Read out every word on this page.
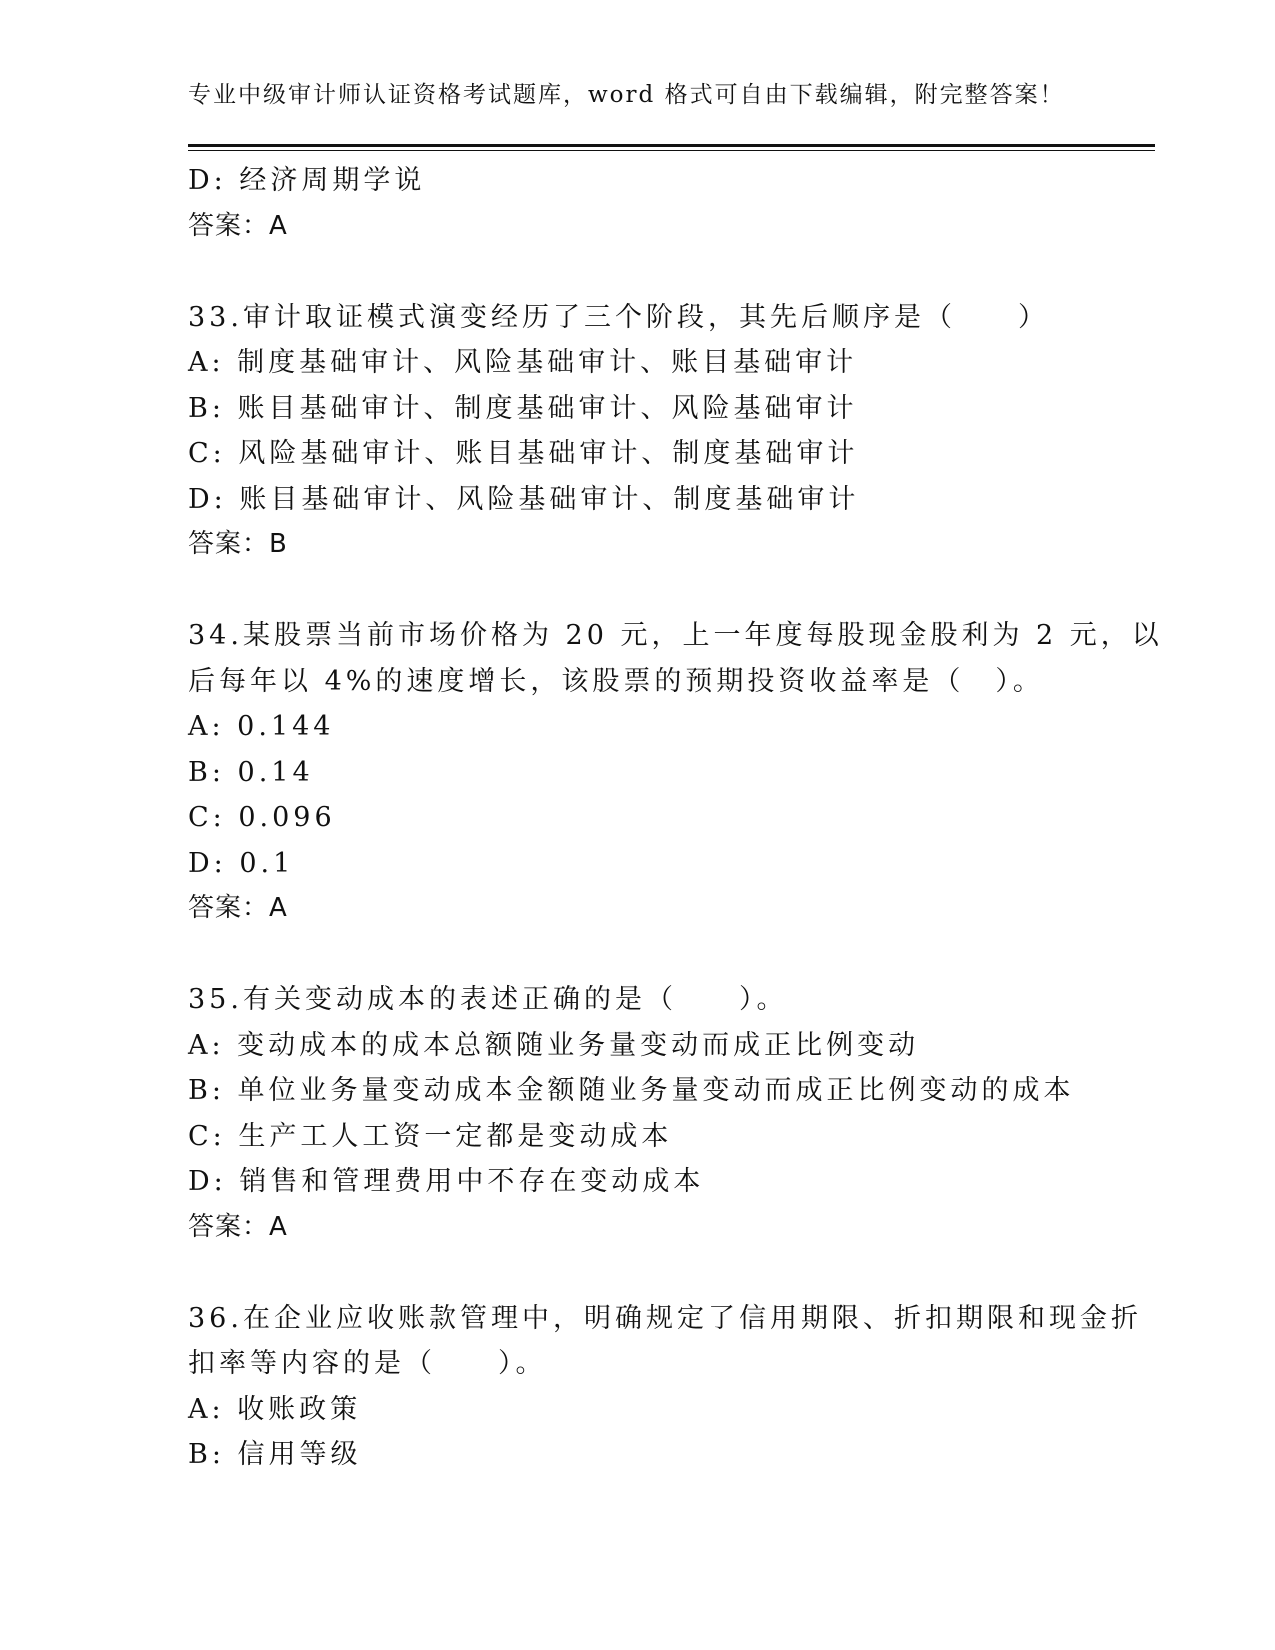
专业中级审计师认证资格考试题库，word 格式可自由下载编辑，附完整答案！
D: 经济周期学说
答案：A
33.审计取证模式演变经历了三个阶段，其先后顺序是（　　）
A: 制度基础审计、风险基础审计、账目基础审计
B: 账目基础审计、制度基础审计、风险基础审计
C: 风险基础审计、账目基础审计、制度基础审计
D: 账目基础审计、风险基础审计、制度基础审计
答案：B
34.某股票当前市场价格为 20 元，上一年度每股现金股利为 2 元，以
后每年以 4%的速度增长，该股票的预期投资收益率是（　）。
A: 0.144
B: 0.14
C: 0.096
D: 0.1
答案：A
35.有关变动成本的表述正确的是（　　）。
A: 变动成本的成本总额随业务量变动而成正比例变动
B: 单位业务量变动成本金额随业务量变动而成正比例变动的成本
C: 生产工人工资一定都是变动成本
D: 销售和管理费用中不存在变动成本
答案：A
36.在企业应收账款管理中，明确规定了信用期限、折扣期限和现金折
扣率等内容的是（　　）。
A: 收账政策
B: 信用等级
